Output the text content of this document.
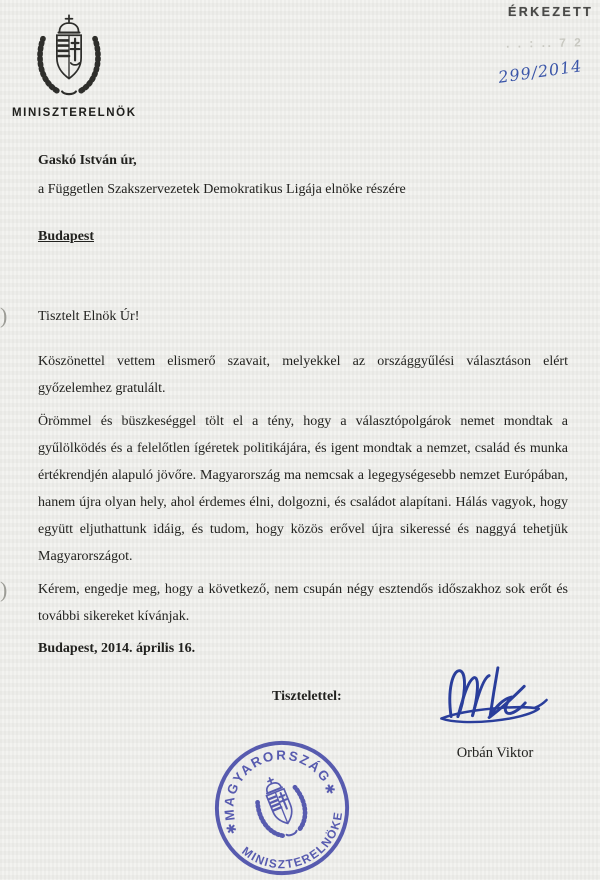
MINISZTERELNÖK
ÉRKEZETT
. . : .. 7 2
299/2014
)
)
Gaskó István úr,
a Független Szakszervezetek Demokratikus Ligája elnöke részére
Budapest
Tisztelt Elnök Úr!
Köszönettel vettem elismerő szavait, melyekkel az országgyűlési választáson elért győzelemhez gratulált.
Örömmel és büszkeséggel tölt el a tény, hogy a választópolgárok nemet mondtak a gyűlölködés és a felelőtlen ígéretek politikájára, és igent mondtak a nemzet, család és munka értékrendjén alapuló jövőre. Magyarország ma nemcsak a legegységesebb nemzet Európában, hanem újra olyan hely, ahol érdemes élni, dolgozni, és családot alapítani. Hálás vagyok, hogy együtt eljuthattunk idáig, és tudom, hogy közös erővel újra sikeressé és naggyá tehetjük Magyarországot.
Kérem, engedje meg, hogy a következő, nem csupán négy esztendős időszakhoz sok erőt és további sikereket kívánjak.
Budapest, 2014. április 16.
Tisztelettel:
Orbán Viktor
MAGYARORSZÁG
MINISZTERELNÖKE
✱
✱
